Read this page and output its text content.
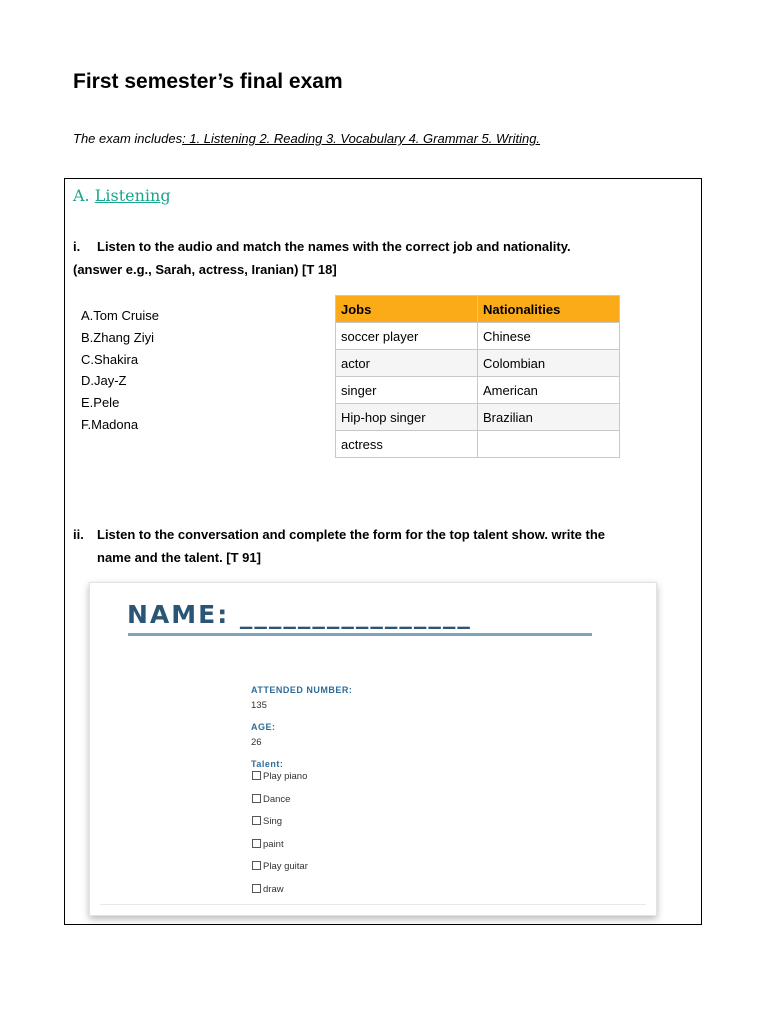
First semester’s final exam
The exam includes: 1. Listening 2. Reading 3. Vocabulary 4. Grammar 5. Writing.
A. Listening
i. Listen to the audio and match the names with the correct job and nationality.
(answer e.g., Sarah, actress, Iranian) [T 18]
A.Tom Cruise
B.Zhang Ziyi
C.Shakira
D.Jay-Z
E.Pele
F.Madona
Jobs	Nationalities
soccer player	Chinese
actor	Colombian
singer	American
Hip-hop singer	Brazilian
actress	
ii. Listen to the conversation and complete the form for the top talent show. write the
name and the talent. [T 91]
NAME: ________________
ATTENDED NUMBER:
135
AGE:
26
Talent:
Play piano
Dance
Sing
paint
Play guitar
draw
